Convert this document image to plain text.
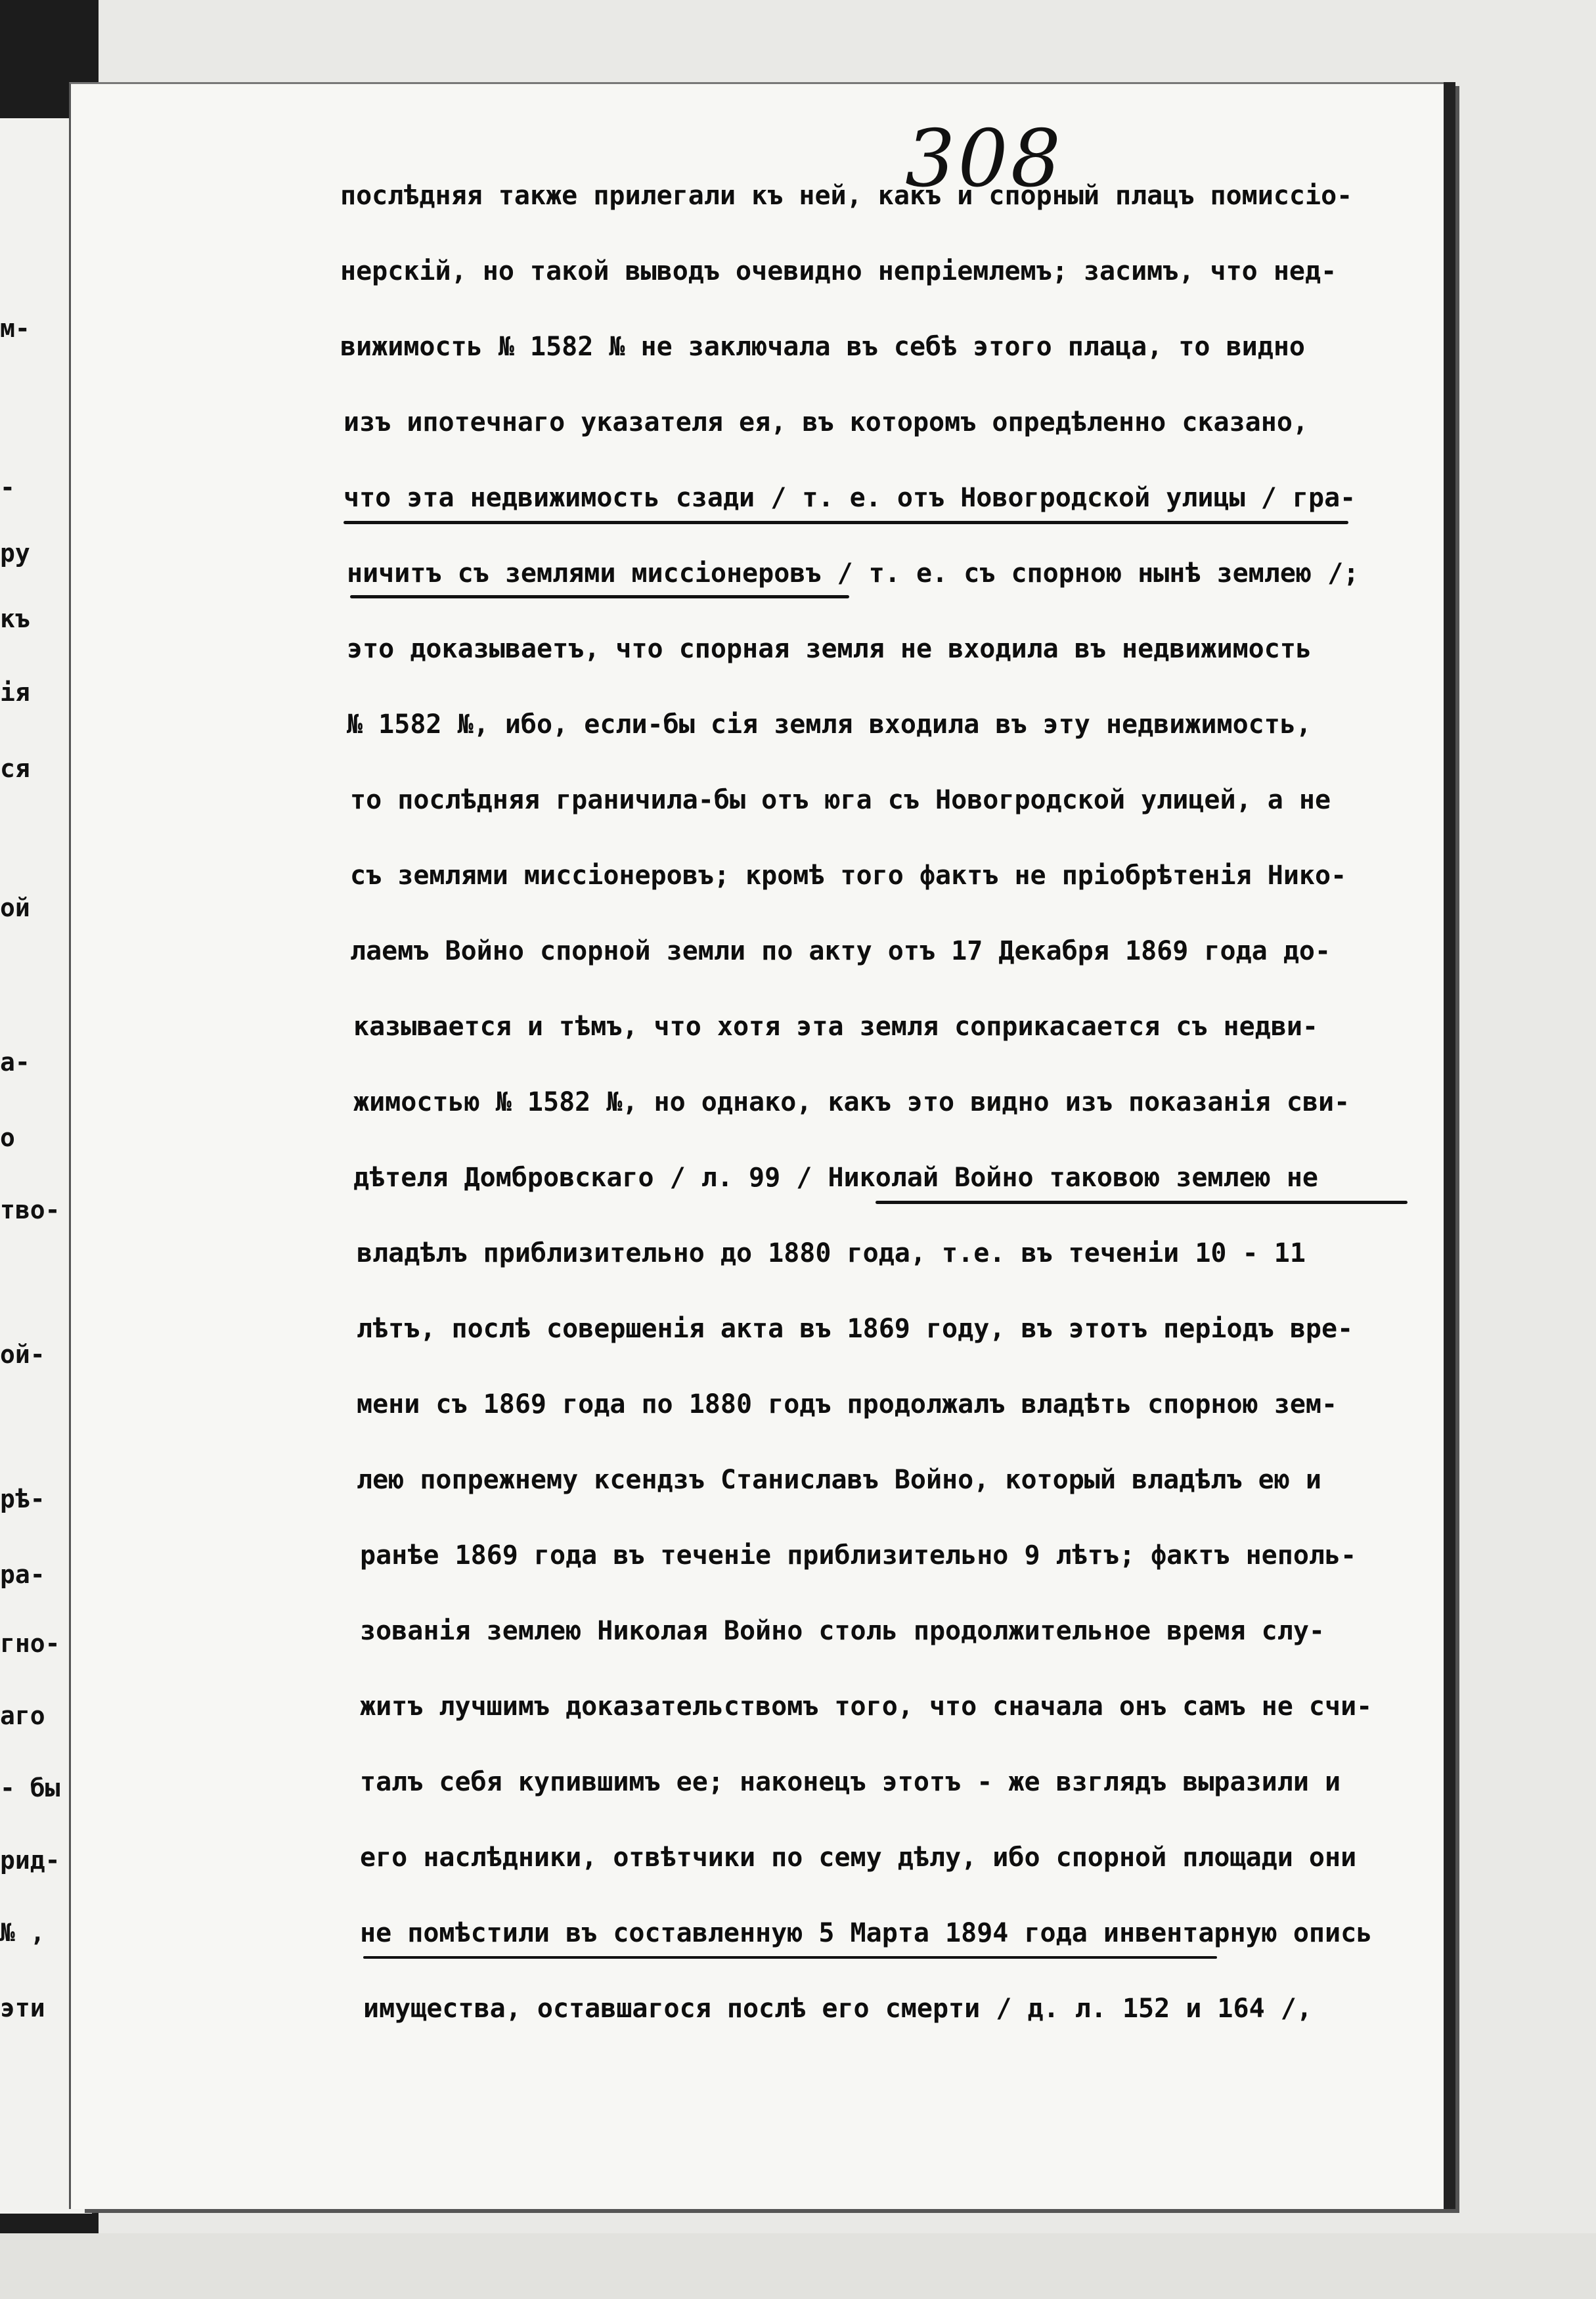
м-
-
ру
къ
ія
ся
ой
а-
о
тво-
ой-
рѣ-
ра-
гно-
аго
- бы
рид-
№ ,
эти
308
послѣдняя также прилегали къ ней, какъ и спорный плацъ помиссіо-
нерскій, но такой выводъ очевидно непріемлемъ; засимъ, что нед-
вижимость № 1582 № не заключала въ себѣ этого плаца, то видно
изъ ипотечнаго указателя ея, въ которомъ опредѣленно сказано,
что эта недвижимость сзади / т. е. отъ Новогродской улицы / гра-
ничитъ съ землями миссіонеровъ / т. е. съ спорною нынѣ землею /;
это доказываетъ, что спорная земля не входила въ недвижимость
№ 1582 №, ибо, если-бы сія земля входила въ эту недвижимость,
то послѣдняя граничила-бы отъ юга съ Новогродской улицей, а не
съ землями миссіонеровъ; кромѣ того фактъ не пріобрѣтенія Нико-
лаемъ Войно спорной земли по акту отъ 17 Декабря 1869 года до-
казывается и тѣмъ, что хотя эта земля соприкасается съ недви-
жимостью № 1582 №, но однако, какъ это видно изъ показанія сви-
дѣтеля Домбровскаго / л. 99 / Николай Войно таковою землею не
владѣлъ приблизительно до 1880 года, т.е. въ теченіи 10 - 11
лѣтъ, послѣ совершенія акта въ 1869 году, въ этотъ періодъ вре-
мени съ 1869 года по 1880 годъ продолжалъ владѣть спорною зем-
лею попрежнему ксендзъ Станиславъ Войно, который владѣлъ ею и
ранѣе 1869 года въ теченіе приблизительно 9 лѣтъ; фактъ неполь-
зованія землею Николая Войно столь продолжительное время слу-
житъ лучшимъ доказательствомъ того, что сначала онъ самъ не счи-
талъ себя купившимъ ее; наконецъ этотъ - же взглядъ выразили и
его наслѣдники, отвѣтчики по сему дѣлу, ибо спорной площади они
не помѣстили въ составленную 5 Марта 1894 года инвентарную опись
имущества, оставшагося послѣ его смерти / д. л. 152 и 164 /,
